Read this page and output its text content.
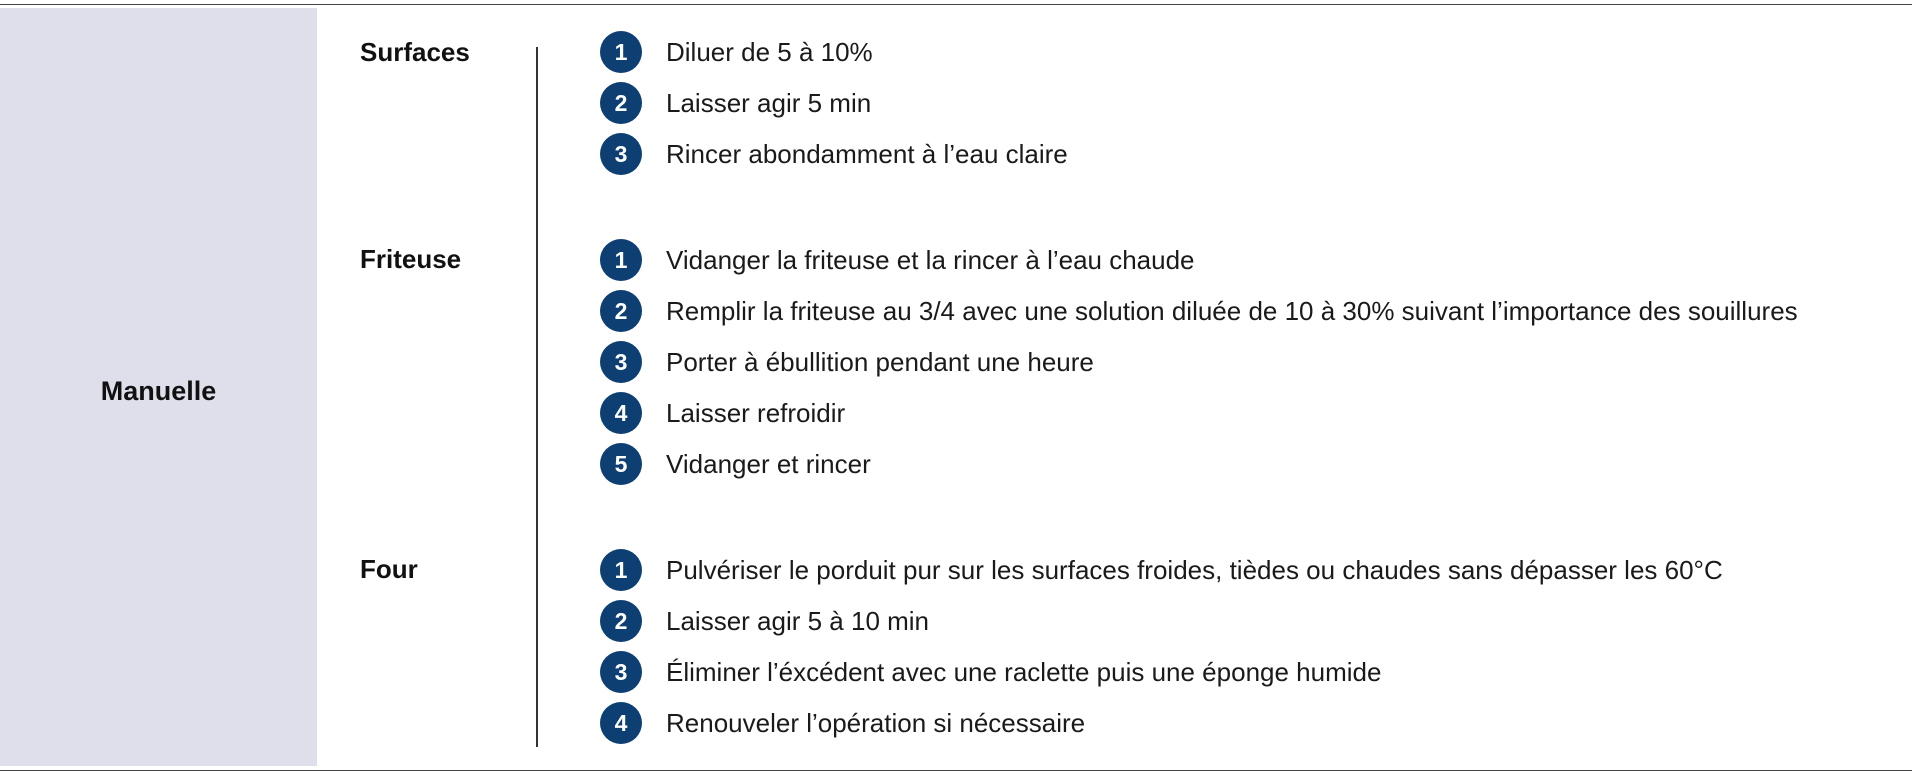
Manuelle
Surfaces	1	Diluer de 5 à 10%
2	Laisser agir 5 min
3	Rincer abondamment à l’eau claire
Friteuse	1	Vidanger la friteuse et la rincer à l’eau chaude
2	Remplir la friteuse au 3/4 avec une solution diluée de 10 à 30% suivant l’importance des souillures
3	Porter à ébullition pendant une heure
4	Laisser refroidir
5	Vidanger et rincer
Four	1	Pulvériser le porduit pur sur les surfaces froides, tièdes ou chaudes sans dépasser les 60°C
2	Laisser agir 5 à 10 min
3	Éliminer l’éxcédent avec une raclette puis une éponge humide
4	Renouveler l’opération si nécessaire
